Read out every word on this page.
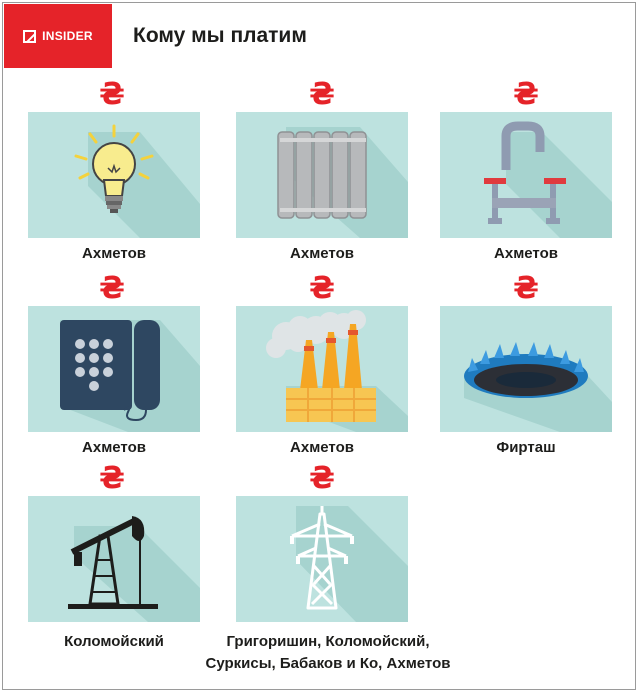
INSIDER Кому мы платим
₴	₴	₴
Ахметов	Ахметов	Ахметов
₴	₴	₴
Ахметов	Ахметов	Фирташ
₴	₴
Коломойский	Григоришин, Коломойский,
Суркисы, Бабаков и Ко, Ахметов
